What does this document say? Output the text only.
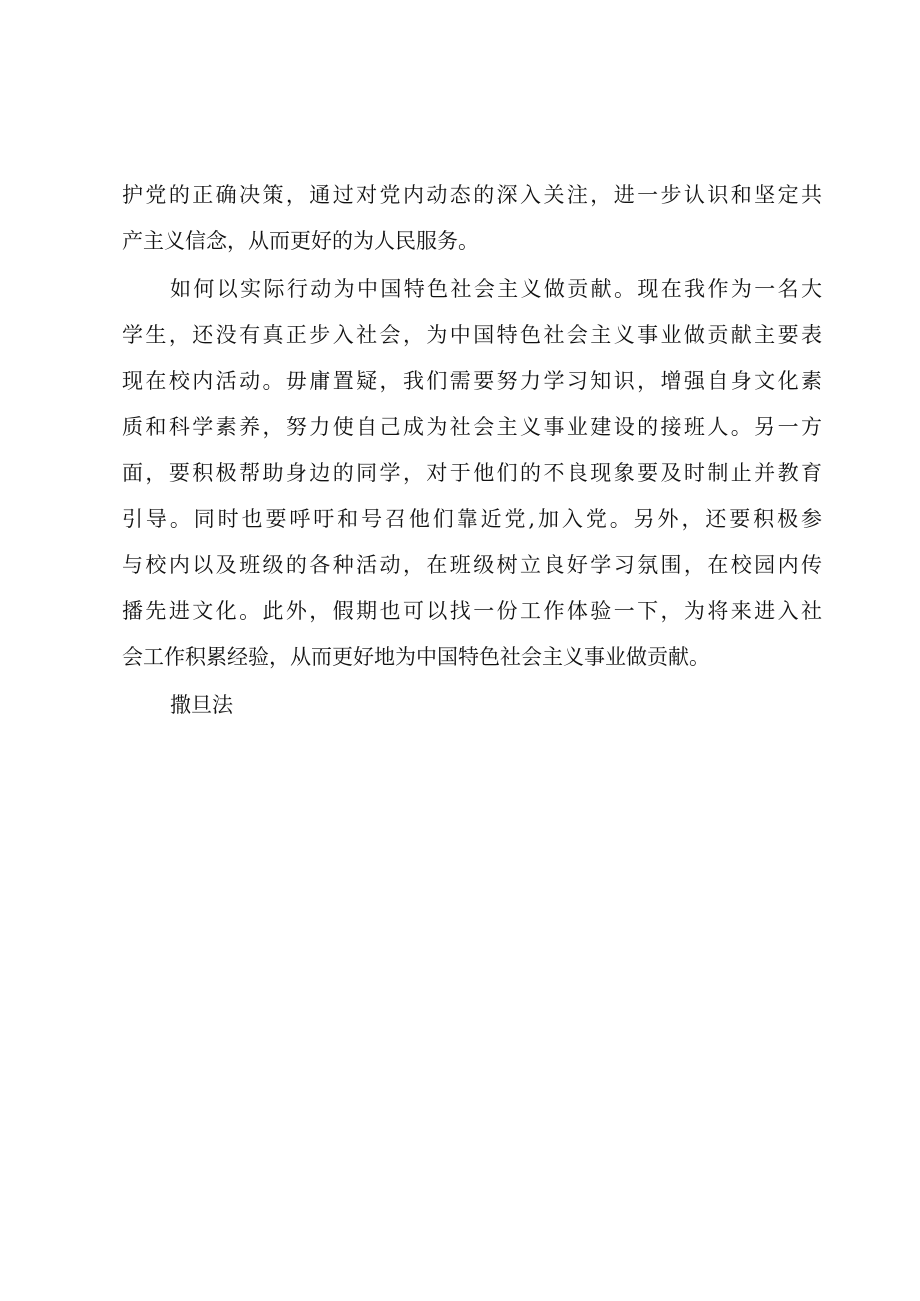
护党的正确决策，通过对党内动态的深入关注，进一步认识和坚定共
产主义信念，从而更好的为人民服务。
如何以实际行动为中国特色社会主义做贡献。现在我作为一名大
学生，还没有真正步入社会，为中国特色社会主义事业做贡献主要表
现在校内活动。毋庸置疑，我们需要努力学习知识，增强自身文化素
质和科学素养，努力使自己成为社会主义事业建设的接班人。另一方
面，要积极帮助身边的同学，对于他们的不良现象要及时制止并教育
引导。同时也要呼吁和号召他们靠近党,加入党。另外，还要积极参
与校内以及班级的各种活动，在班级树立良好学习氛围，在校园内传
播先进文化。此外，假期也可以找一份工作体验一下，为将来进入社
会工作积累经验，从而更好地为中国特色社会主义事业做贡献。
撒旦法
